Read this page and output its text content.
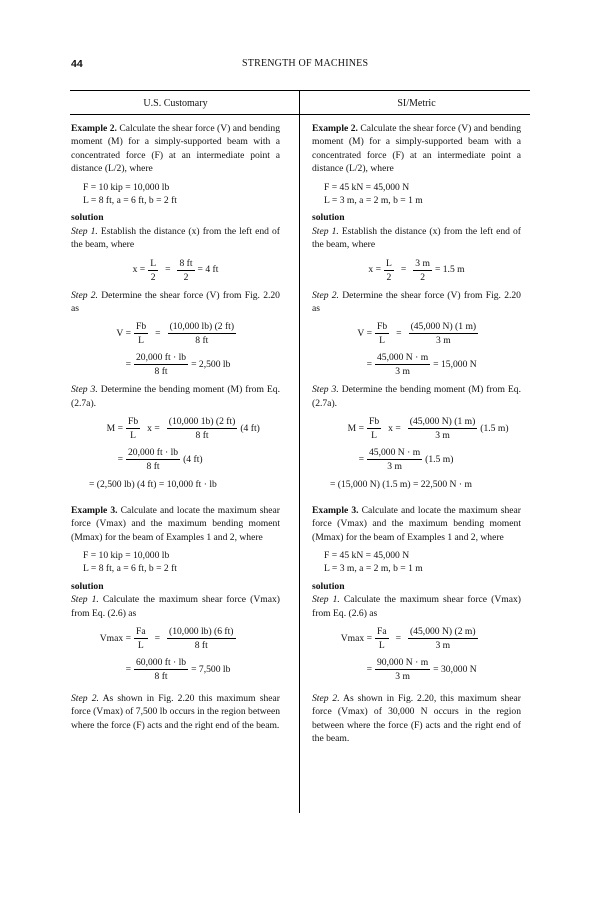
44	STRENGTH OF MACHINES
U.S. Customary	SI/Metric

Example 2. Calculate the shear force (V) and bending moment (M) for a simply-supported beam with a concentrated force (F) at an intermediate point a distance (L/2), where

F = 10 kip = 10,000 lb
L = 8 ft, a = 6 ft, b = 2 ft
solution

Step 1. Establish the distance (x) from the left end of the beam, where

$x = \frac{L}{2} = \frac{8 ft}{2} = 4$ ft

Step 2. Determine the shear force (V) from Fig. 2.20 as

$V = \frac{Fb}{L} = \frac{(10,000 lb) (2 ft)}{8 ft}$
= $\frac{20,000 ft \cdot lb}{8 ft} = 2,500$ lb

Step 3. Determine the bending moment (M) from Eq. (2.7a).

$M = \frac{Fb}{L}$ $x = \frac{(10,000 1b) (2 ft)}{8 ft} (4$ ft)
= $\frac{20,000 ft \cdot lb}{8 ft} (4$ ft)
= (2,500 lb) (4 ft) = 10,000 ft · lb

Example 3. Calculate and locate the maximum shear force (Vmax) and the maximum bending moment (Mmax) for the beam of Examples 1 and 2, where

F = 10 kip = 10,000 lb
L = 8 ft, a = 6 ft, b = 2 ft
solution

Step 1. Calculate the maximum shear force (Vmax) from Eq. (2.6) as

$Vmax = \frac{Fa}{L} = \frac{(10,000 lb) (6 ft)}{8 ft}$
= $\frac{60,000 ft \cdot lb}{8 ft} = 7,500$ lb

Step 2. As shown in Fig. 2.20 this maximum shear force (Vmax) of 7,500 lb occurs in the region between where the force (F) acts and the right end of the beam.

Example 2. Calculate the shear force (V) and bending moment (M) for a simply-supported beam with a concentrated force (F) at an intermediate point a distance (L/2), where

F = 45 kN = 45,000 N
L = 3 m, a = 2 m, b = 1 m
solution

Step 1. Establish the distance (x) from the left end of the beam, where

$x = \frac{L}{2} = \frac{3 m}{2} = 1.5$ m

Step 2. Determine the shear force (V) from Fig. 2.20 as

$V = \frac{Fb}{L} = \frac{(45,000 N) (1 m)}{3 m}$
= $\frac{45,000 N \cdot m}{3 m} = 15,000$ N

Step 3. Determine the bending moment (M) from Eq. (2.7a).

$M = \frac{Fb}{L}$ $x = \frac{(45,000 N) (1 m)}{3 m} (1.5$ m)
= $\frac{45,000 N \cdot m}{3 m} (1.5$ m)
= (15,000 N) (1.5 m) = 22,500 N · m

Example 3. Calculate and locate the maximum shear force (Vmax) and the maximum bending moment (Mmax) for the beam of Examples 1 and 2, where

F = 45 kN = 45,000 N
L = 3 m, a = 2 m, b = 1 m
solution

Step 1. Calculate the maximum shear force (Vmax) from Eq. (2.6) as

$Vmax = \frac{Fa}{L} = \frac{(45,000 N) (2 m)}{3 m}$
= $\frac{90,000 N \cdot m}{3 m} = 30,000$ N

Step 2. As shown in Fig. 2.20, this maximum shear force (Vmax) of 30,000 N occurs in the region between where the force (F) acts and the right end of the beam.
